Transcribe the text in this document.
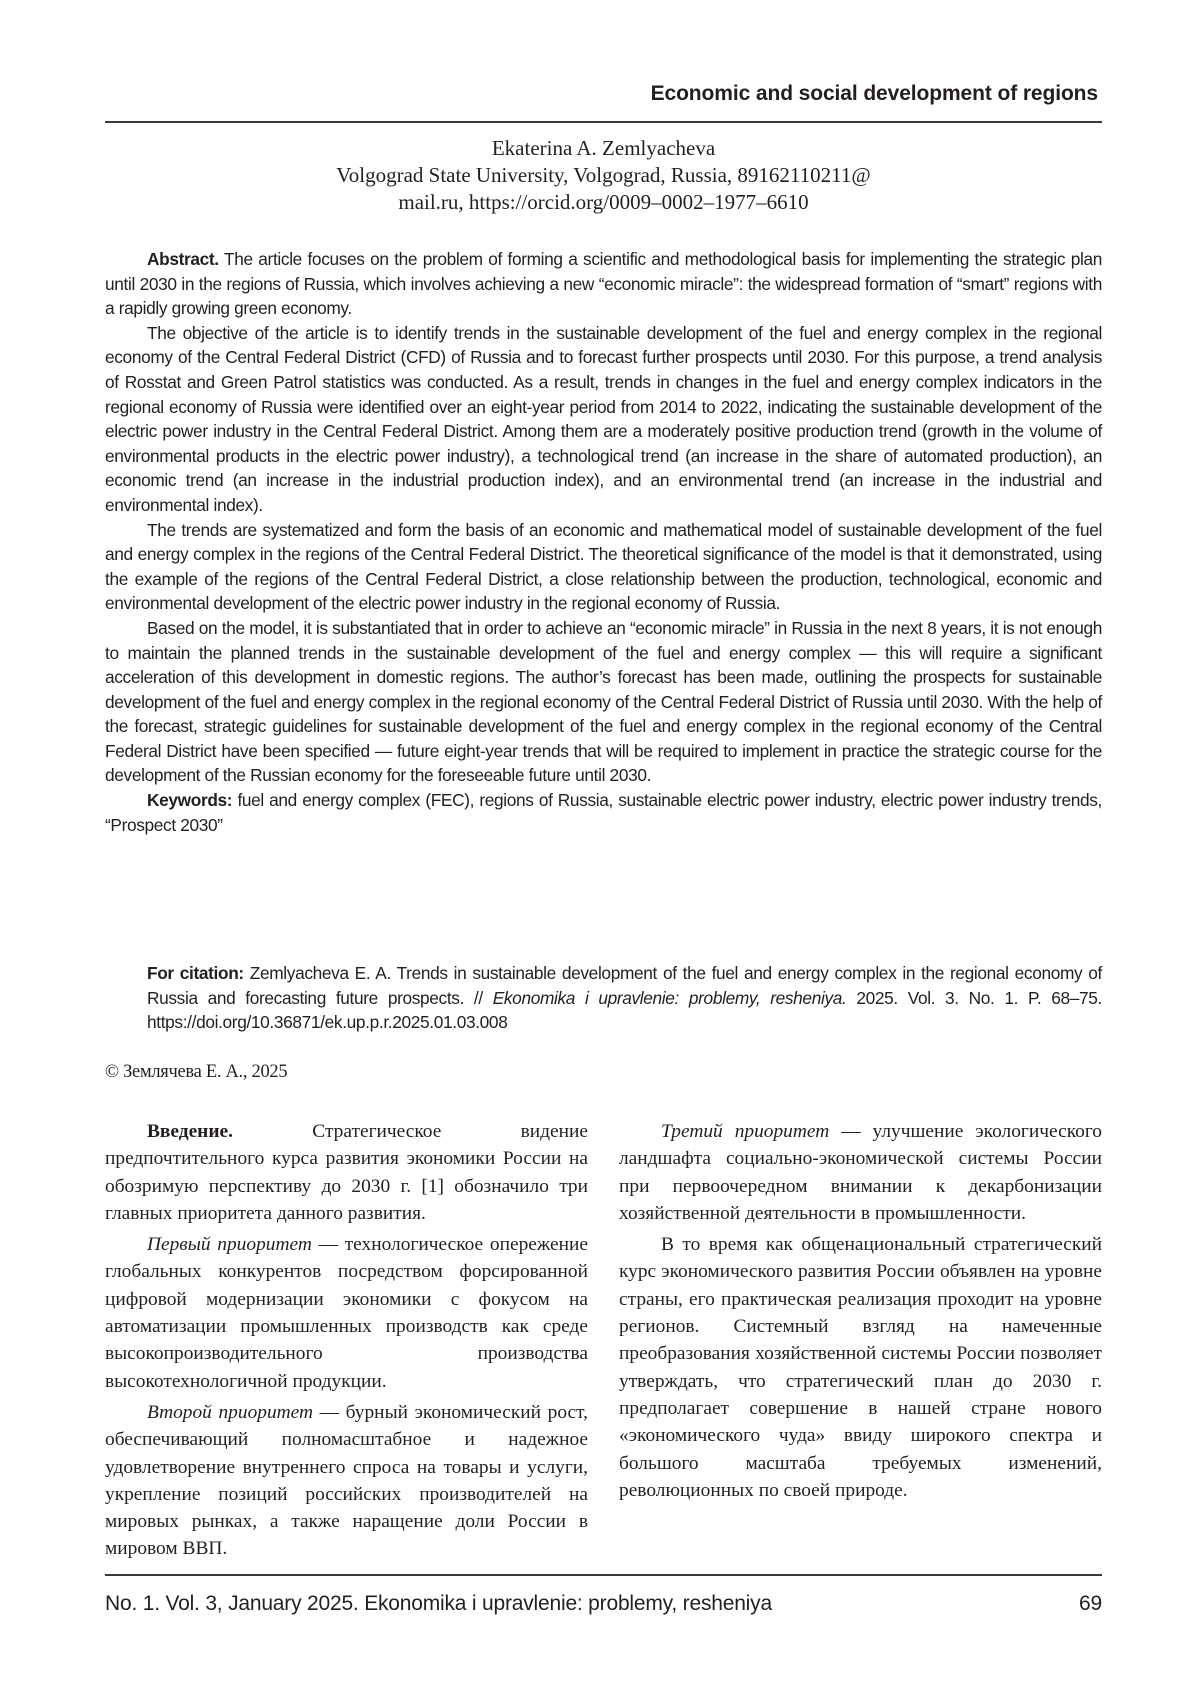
Economic and social development of regions
Ekaterina A. Zemlyacheva
Volgograd State University, Volgograd, Russia, 89162110211@
mail.ru, https://orcid.org/0009–0002–1977–6610

Abstract. The article focuses on the problem of forming a scientific and methodological basis for implementing the strategic plan until 2030 in the regions of Russia, which involves achieving a new “economic miracle”: the widespread formation of “smart” regions with a rapidly growing green economy.

The objective of the article is to identify trends in the sustainable development of the fuel and energy complex in the regional economy of the Central Federal District (CFD) of Russia and to forecast further prospects until 2030. For this purpose, a trend analysis of Rosstat and Green Patrol statistics was conducted. As a result, trends in changes in the fuel and energy complex indicators in the regional economy of Russia were identified over an eight-year period from 2014 to 2022, indicating the sustainable development of the electric power industry in the Central Federal District. Among them are a moderately positive production trend (growth in the volume of environmental products in the electric power industry), a technological trend (an increase in the share of automated production), an economic trend (an increase in the industrial production index), and an environmental trend (an increase in the industrial and environmental index).

The trends are systematized and form the basis of an economic and mathematical model of sustainable development of the fuel and energy complex in the regions of the Central Federal District. The theoretical significance of the model is that it demonstrated, using the example of the regions of the Central Federal District, a close relationship between the production, technological, economic and environmental development of the electric power industry in the regional economy of Russia.

Based on the model, it is substantiated that in order to achieve an “economic miracle” in Russia in the next 8 years, it is not enough to maintain the planned trends in the sustainable development of the fuel and energy complex — this will require a significant acceleration of this development in domestic regions. The author’s forecast has been made, outlining the prospects for sustainable development of the fuel and energy complex in the regional economy of the Central Federal District of Russia until 2030. With the help of the forecast, strategic guidelines for sustainable development of the fuel and energy complex in the regional economy of the Central Federal District have been specified — future eight-year trends that will be required to implement in practice the strategic course for the development of the Russian economy for the foreseeable future until 2030.

Keywords: fuel and energy complex (FEC), regions of Russia, sustainable electric power industry, electric power industry trends, “Prospect 2030”

For citation: Zemlyacheva E. A. Trends in sustainable development of the fuel and energy complex in the regional economy of Russia and forecasting future prospects. // Ekonomika i upravlenie: problemy, resheniya. 2025. Vol. 3. No. 1. P. 68–75. https://doi.org/10.36871/ek.up.p.r.2025.01.03.008

© Землячева Е. А., 2025

Введение.	Стратегическое видение предпочтительного курса развития экономики России на обозримую перспективу до 2030 г. [1] обозначило три главных приоритета данного развития.

Первый приоритет — технологическое опережение глобальных конкурентов посредством форсированной цифровой модернизации экономики с фокусом на автоматизации промышленных производств как среде высокопроизводительного производства высокотехнологичной продукции.

Второй приоритет — бурный экономический рост, обеспечивающий полномасштабное и надежное удовлетворение внутреннего спроса на товары и услуги, укрепление позиций российских производителей на мировых рынках, а также наращение доли России в мировом ВВП.

Третий приоритет — улучшение экологического ландшафта социально-экономической системы России при первоочередном внимании к декарбонизации хозяйственной деятельности в промышленности.

В то время как общенациональный стратегический курс экономического развития России объявлен на уровне страны, его практическая реализация проходит на уровне регионов. Системный взгляд на намеченные преобразования хозяйственной системы России позволяет утверждать, что стратегический план до 2030 г. предполагает совершение в нашей стране нового «экономического чуда» ввиду широкого спектра и большого масштаба требуемых изменений, революционных по своей природе.

No. 1. Vol. 3, January 2025. Ekonomika i upravlenie: problemy, resheniya	69
